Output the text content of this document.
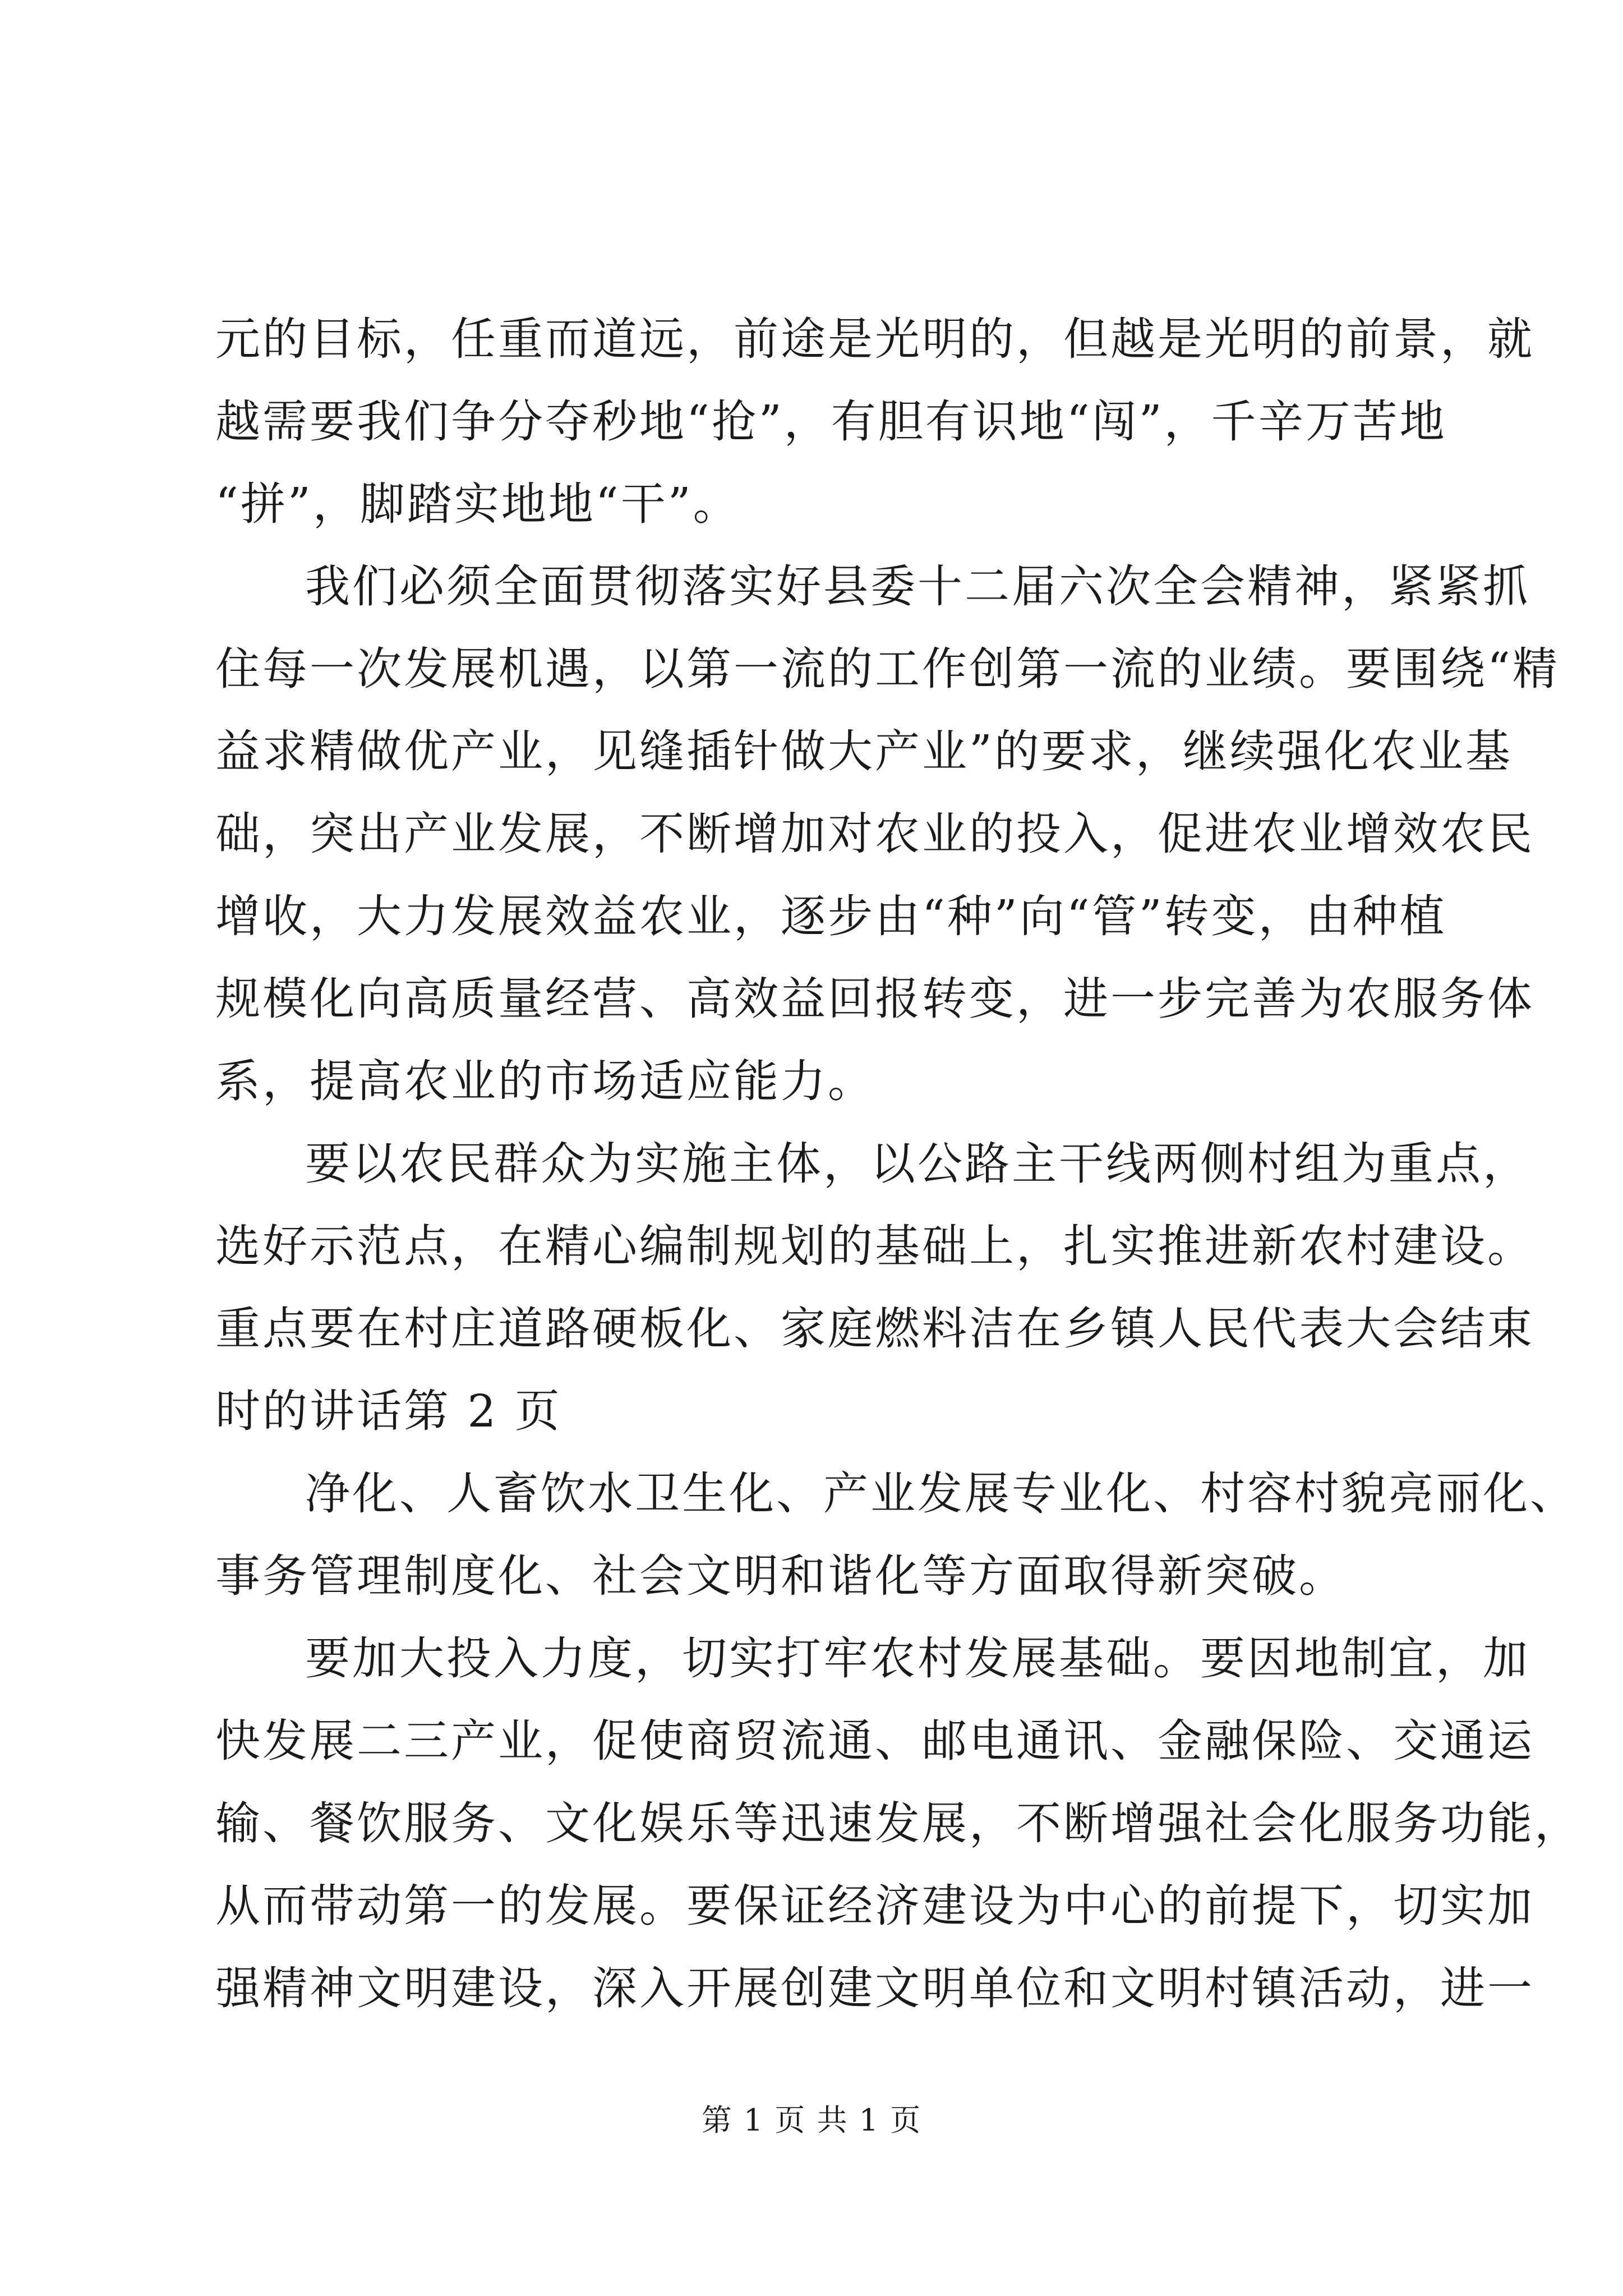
元的目标，任重而道远，前途是光明的，但越是光明的前景，就

越需要我们争分夺秒地“抢”，有胆有识地“闯”，千辛万苦地

“拼”，脚踏实地地“干”。

我们必须全面贯彻落实好县委十二届六次全会精神，紧紧抓

住每一次发展机遇，以第一流的工作创第一流的业绩。要围绕“精

益求精做优产业，见缝插针做大产业”的要求，继续强化农业基

础，突出产业发展，不断增加对农业的投入，促进农业增效农民

增收，大力发展效益农业，逐步由“种”向“管”转变，由种植

规模化向高质量经营、高效益回报转变，进一步完善为农服务体

系，提高农业的市场适应能力。

要以农民群众为实施主体，以公路主干线两侧村组为重点，

选好示范点，在精心编制规划的基础上，扎实推进新农村建设。

重点要在村庄道路硬板化、家庭燃料洁在乡镇人民代表大会结束

时的讲话第 2 页

净化、人畜饮水卫生化、产业发展专业化、村容村貌亮丽化、

事务管理制度化、社会文明和谐化等方面取得新突破。

要加大投入力度，切实打牢农村发展基础。要因地制宜，加

快发展二三产业，促使商贸流通、邮电通讯、金融保险、交通运

输、餐饮服务、文化娱乐等迅速发展，不断增强社会化服务功能，

从而带动第一的发展。要保证经济建设为中心的前提下，切实加

强精神文明建设，深入开展创建文明单位和文明村镇活动，进一

第 1 页 共 1 页
